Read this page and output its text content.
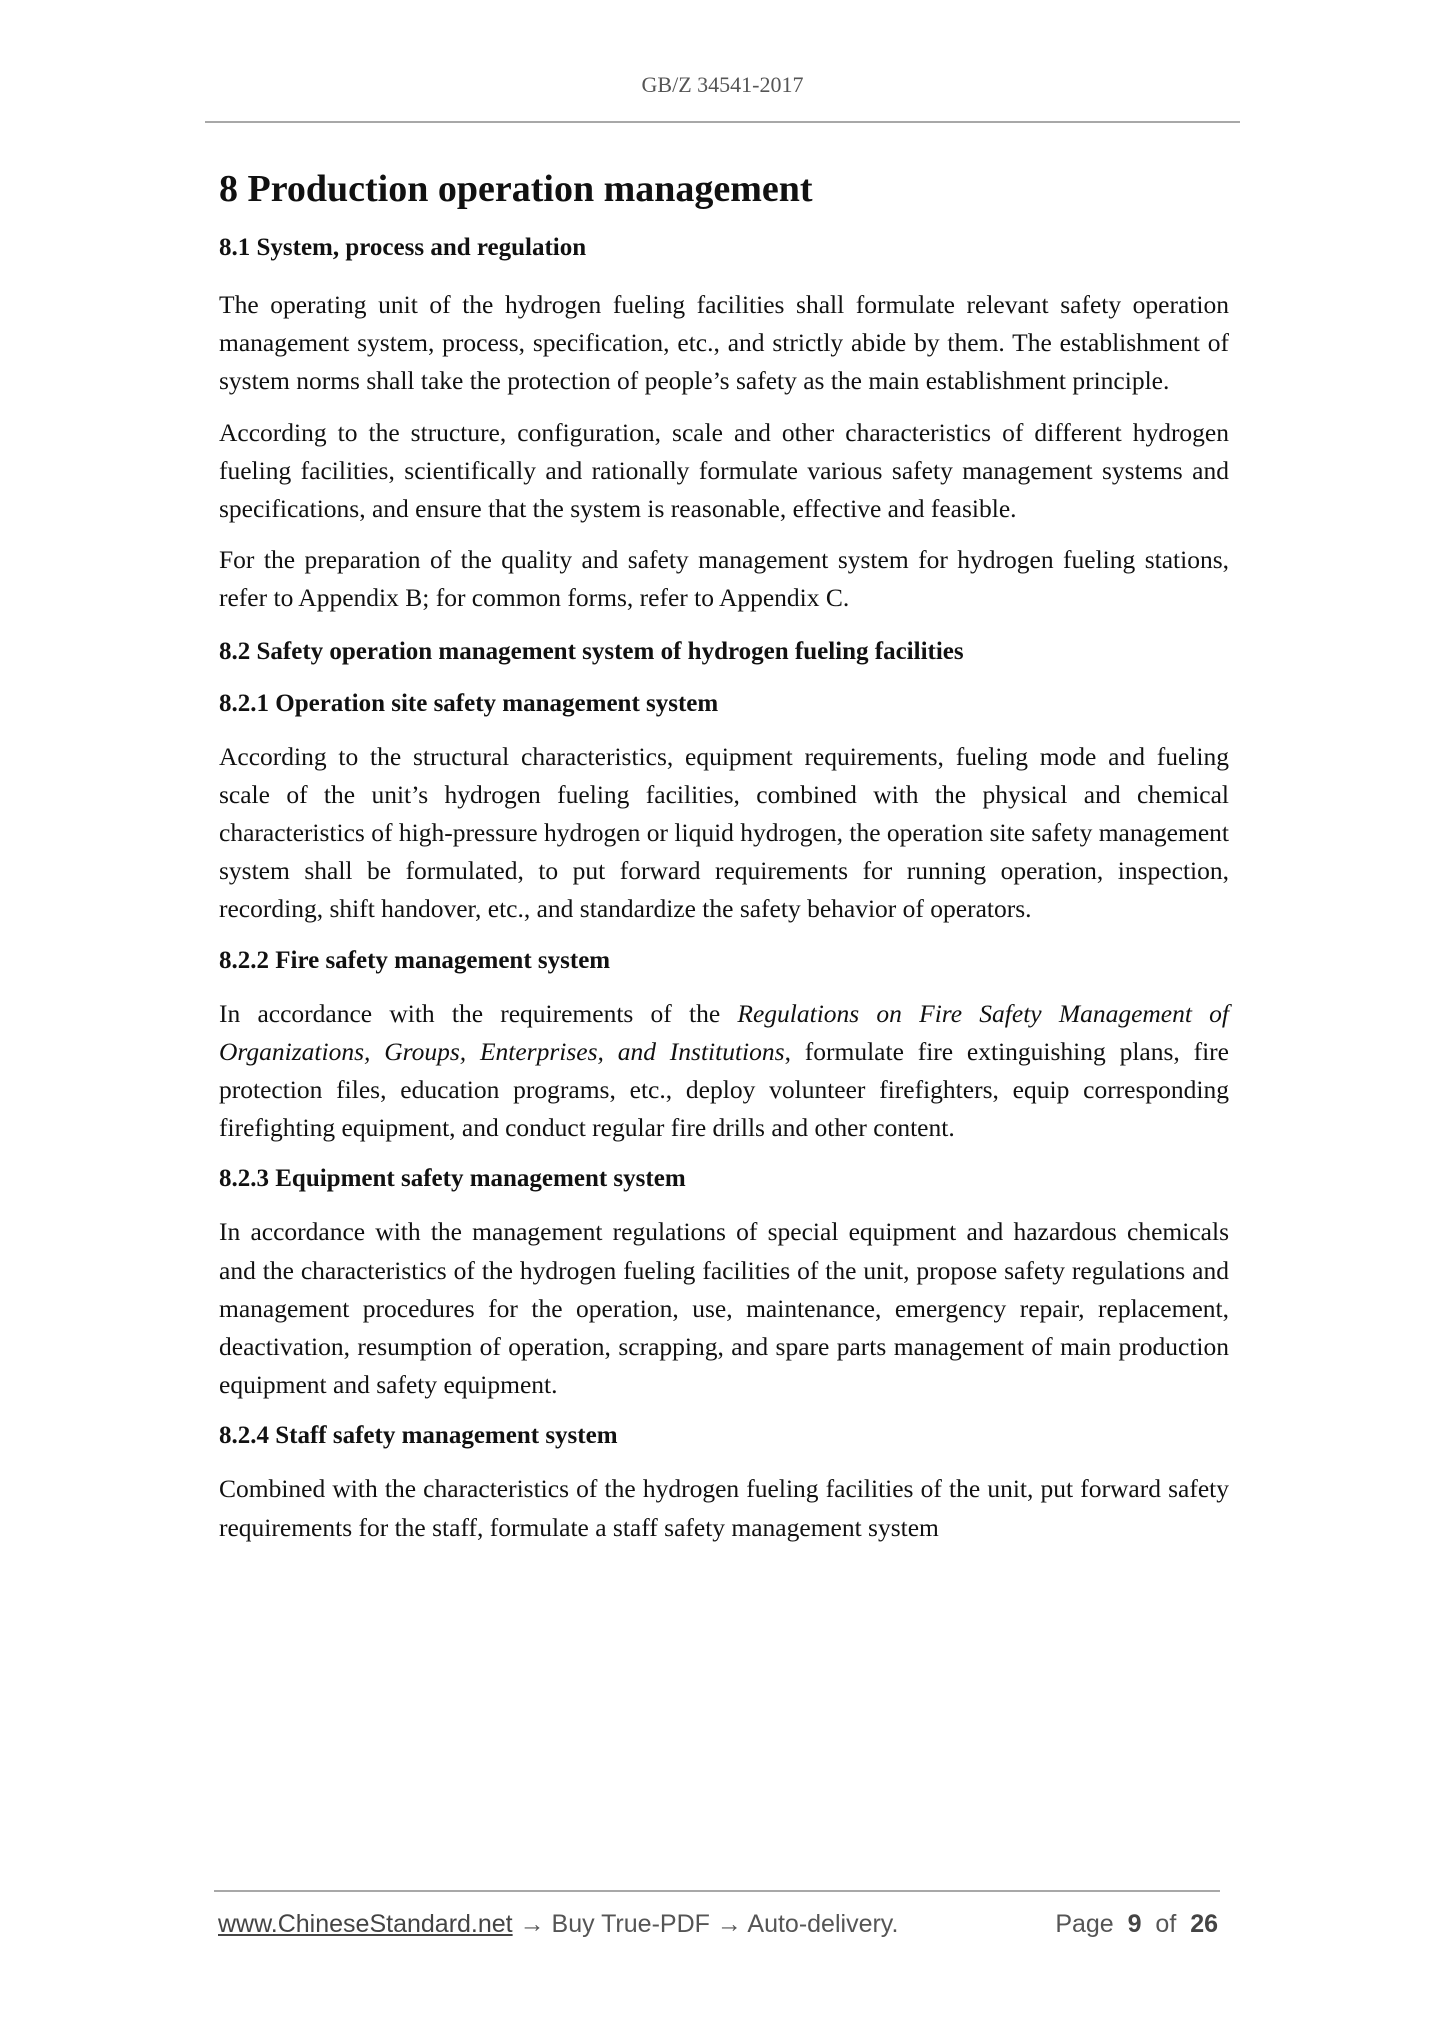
GB/Z 34541-2017
8 Production operation management
8.1 System, process and regulation

The operating unit of the hydrogen fueling facilities shall formulate relevant safety operation management system, process, specification, etc., and strictly abide by them. The establishment of system norms shall take the protection of people’s safety as the main establishment principle.

According to the structure, configuration, scale and other characteristics of different hydrogen fueling facilities, scientifically and rationally formulate various safety management systems and specifications, and ensure that the system is reasonable, effective and feasible.

For the preparation of the quality and safety management system for hydrogen fueling stations, refer to Appendix B; for common forms, refer to Appendix C.

8.2 Safety operation management system of hydrogen fueling facilities
8.2.1 Operation site safety management system

According to the structural characteristics, equipment requirements, fueling mode and fueling scale of the unit’s hydrogen fueling facilities, combined with the physical and chemical characteristics of high-pressure hydrogen or liquid hydrogen, the operation site safety management system shall be formulated, to put forward requirements for running operation, inspection, recording, shift handover, etc., and standardize the safety behavior of operators.

8.2.2 Fire safety management system

In accordance with the requirements of the Regulations on Fire Safety Management of Organizations, Groups, Enterprises, and Institutions, formulate fire extinguishing plans, fire protection files, education programs, etc., deploy volunteer firefighters, equip corresponding firefighting equipment, and conduct regular fire drills and other content.

8.2.3 Equipment safety management system

In accordance with the management regulations of special equipment and hazardous chemicals and the characteristics of the hydrogen fueling facilities of the unit, propose safety regulations and management procedures for the operation, use, maintenance, emergency repair, replacement, deactivation, resumption of operation, scrapping, and spare parts management of main production equipment and safety equipment.

8.2.4 Staff safety management system

Combined with the characteristics of the hydrogen fueling facilities of the unit, put forward safety requirements for the staff, formulate a staff safety management system

www.ChineseStandard.net → Buy True-PDF → Auto-delivery.	Page 9 of 26
